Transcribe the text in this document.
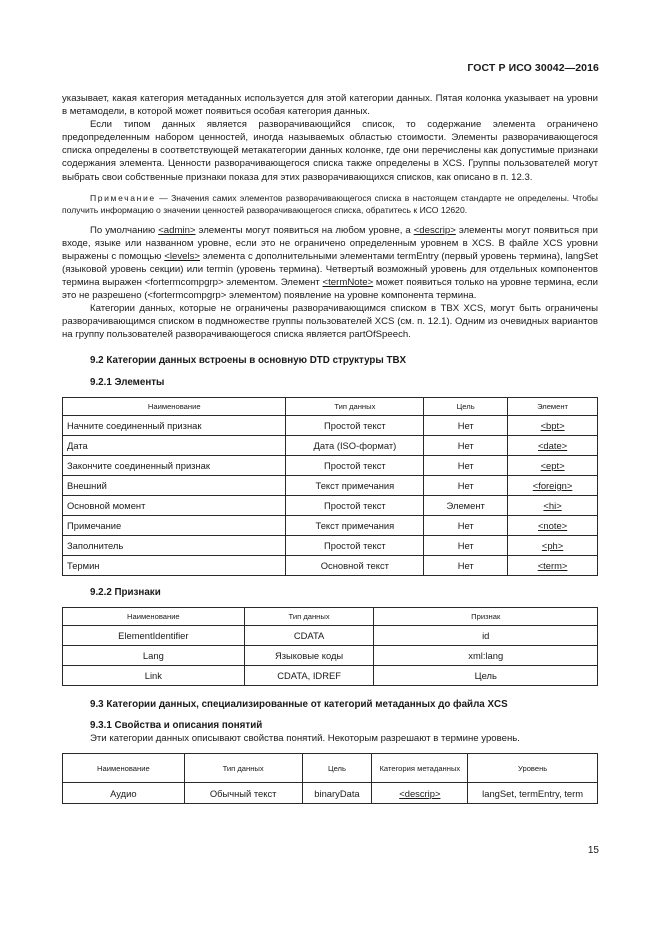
ГОСТ Р ИСО 30042—2016

указывает, какая категория метаданных используется для этой категории данных. Пятая колонка указывает на уровни в метамодели, в которой может появиться особая категория данных.

Если типом данных является разворачивающийся список, то содержание элемента ограничено предопределенным набором ценностей, иногда называемых областью стоимости. Элементы разворачивающегося списка определены в соответствующей метакатегории данных колонке, где они перечислены как допустимые признаки содержания элемента. Ценности разворачивающегося списка также определены в XCS. Группы пользователей могут выбрать свои собственные признаки показа для этих разворачивающихся списков, как описано в п. 12.3.

Примечание — Значения самих элементов разворачивающегося списка в настоящем стандарте не определены. Чтобы получить информацию о значении ценностей разворачивающегося списка, обратитесь к ИСО 12620.

По умолчанию <admin> элементы могут появиться на любом уровне, а <descrip> элементы могут появиться при входе, языке или названном уровне, если это не ограничено определенным уровнем в XCS. В файле XCS уровни выражены с помощью <levels> элемента с дополнительными элементами termEntry (первый уровень термина), langSet (языковой уровень секции) или termin (уровень термина). Четвертый возможный уровень для отдельных компонентов термина выражен <fortermcompgrp> элементом. Элемент <termNote> может появиться только на уровне термина, если это не разрешено (<fortermcompgrp> элементом) появление на уровне компонента термина.

Категории данных, которые не ограничены разворачивающимся списком в TBX XCS, могут быть ограничены разворачивающимся списком в подмножестве группы пользователей XCS (см. п. 12.1). Одним из очевидных вариантов на группу пользователей разворачивающегося списка является partOfSpeech.

9.2 Категории данных встроены в основную DTD структуры TBX
9.2.1 Элементы
Наименование	Тип данных	Цель	Элемент
Начните соединенный признак	Простой текст	Нет	<bpt>
Дата	Дата (ISO-формат)	Нет	<date>
Закончите соединенный признак	Простой текст	Нет	<ept>
Внешний	Текст примечания	Нет	<foreign>
Основной момент	Простой текст	Элемент	<hi>
Примечание	Текст примечания	Нет	<note>
Заполнитель	Простой текст	Нет	<ph>
Термин	Основной текст	Нет	<term>
9.2.2 Признаки
Наименование	Тип данных	Признак
ElementIdentifier	CDATA	id
Lang	Языковые коды	xml:lang
Link	CDATA, IDREF	Цель
9.3 Категории данных, специализированные от категорий метаданных до файла XCS
9.3.1 Свойства и описания понятий

Эти категории данных описывают свойства понятий. Некоторым разрешают в термине уровень.

Наименование	Тип данных	Цель	Категория метаданных	Уровень
Аудио	Обычный текст	binaryData	<descrip>	langSet, termEntry, term
15
